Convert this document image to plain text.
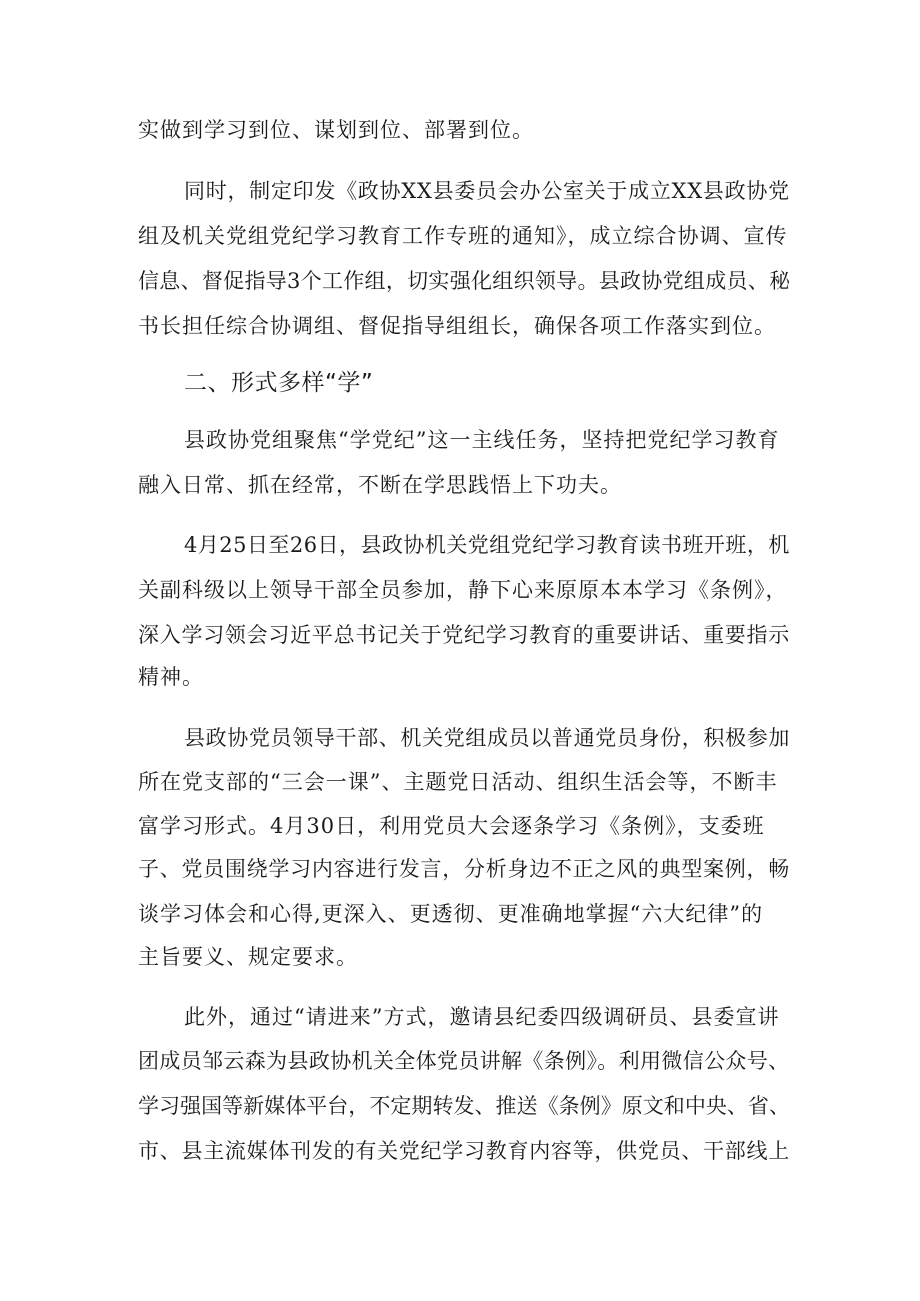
实做到学习到位、谋划到位、部署到位。
同时，制定印发《政协XX县委员会办公室关于成立XX县政协党
组及机关党组党纪学习教育工作专班的通知》，成立综合协调、宣传
信息、督促指导3个工作组，切实强化组织领导。县政协党组成员、秘
书长担任综合协调组、督促指导组组长，确保各项工作落实到位。
二、形式多样“学”
县政协党组聚焦“学党纪”这一主线任务，坚持把党纪学习教育
融入日常、抓在经常，不断在学思践悟上下功夫。
4月25日至26日，县政协机关党组党纪学习教育读书班开班，机
关副科级以上领导干部全员参加，静下心来原原本本学习《条例》，
深入学习领会习近平总书记关于党纪学习教育的重要讲话、重要指示
精神。
县政协党员领导干部、机关党组成员以普通党员身份，积极参加
所在党支部的“三会一课”、主题党日活动、组织生活会等，不断丰
富学习形式。4月30日，利用党员大会逐条学习《条例》，支委班
子、党员围绕学习内容进行发言，分析身边不正之风的典型案例，畅
谈学习体会和心得,更深入、更透彻、更准确地掌握“六大纪律”的
主旨要义、规定要求。
此外，通过“请进来”方式，邀请县纪委四级调研员、县委宣讲
团成员邹云森为县政协机关全体党员讲解《条例》。利用微信公众号、
学习强国等新媒体平台，不定期转发、推送《条例》原文和中央、省、
市、县主流媒体刊发的有关党纪学习教育内容等，供党员、干部线上
